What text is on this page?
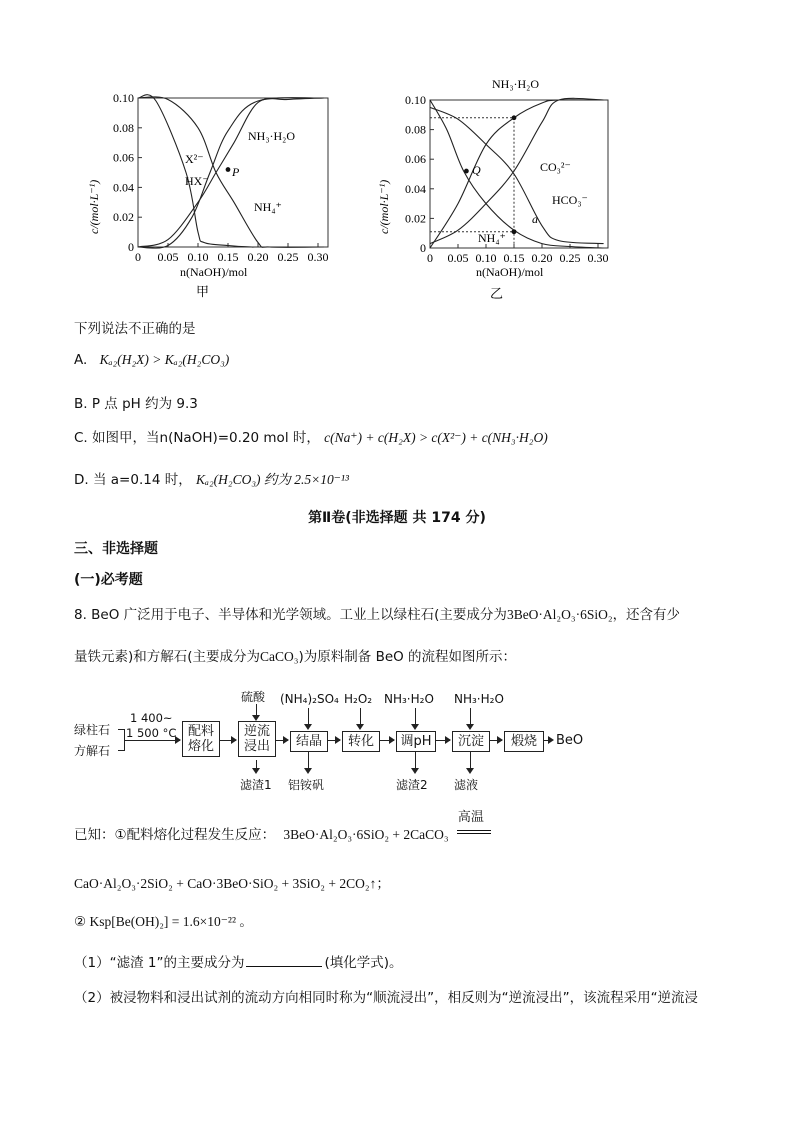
0
0.02
0.04
0.06
0.08
0.10
0 0.05 0.10 0.15 0.20 0.25 0.30
c/(mol·L⁻¹)
n(NaOH)/mol
甲
X²⁻
HX⁻
NH₃·H₂O
NH₄⁺
P
0
0.02
0.04
0.06
0.08
0.10
0 0.05 0.10 0.15 0.20 0.25 0.30
c/(mol·L⁻¹)
n(NaOH)/mol
乙
NH₃·H₂O
CO₃²⁻
HCO₃⁻
NH₄⁺
Q
a
下列说法不正确的是
A. Kₐ₂(H₂X) > Kₐ₂(H₂CO₃)
B. P 点 pH 约为 9.3
C. 如图甲，当n(NaOH)=0.20 mol 时， c(Na⁺) + c(H₂X) > c(X²⁻) + c(NH₃·H₂O)
D. 当 a=0.14 时， Kₐ₂(H₂CO₃) 约为 2.5×10⁻¹³
第Ⅱ卷(非选择题 共 174 分)
三、非选择题
(一)必考题
8. BeO 广泛用于电子、半导体和光学领域。工业上以绿柱石(主要成分为3BeO·Al₂O₃·6SiO₂，还含有少
量铁元素)和方解石(主要成分为CaCO₃)为原料制备 BeO 的流程如图所示：
绿柱石
方解石
1 400~
1 500 °C 配料熔化
逆流浸出
硫酸
滤渣1
结晶
(NH₄)₂SO₄
铝铵矾
转化
H₂O₂
调pH
NH₃·H₂O
滤渣2
沉淀
NH₃·H₂O
滤液
煅烧	BeO
已知：①配料熔化过程发生反应： 3BeO·Al₂O₃·6SiO₂ + 2CaCO₃
高温
CaO·Al₂O₃·2SiO₂ + CaO·3BeO·SiO₂ + 3SiO₂ + 2CO₂↑；
② Ksp[Be(OH)₂] = 1.6×10⁻²² 。
（1）“滤渣 1”的主要成分为	(填化学式)。
（2）被浸物料和浸出试剂的流动方向相同时称为“顺流浸出”，相反则为“逆流浸出”，该流程采用“逆流浸
